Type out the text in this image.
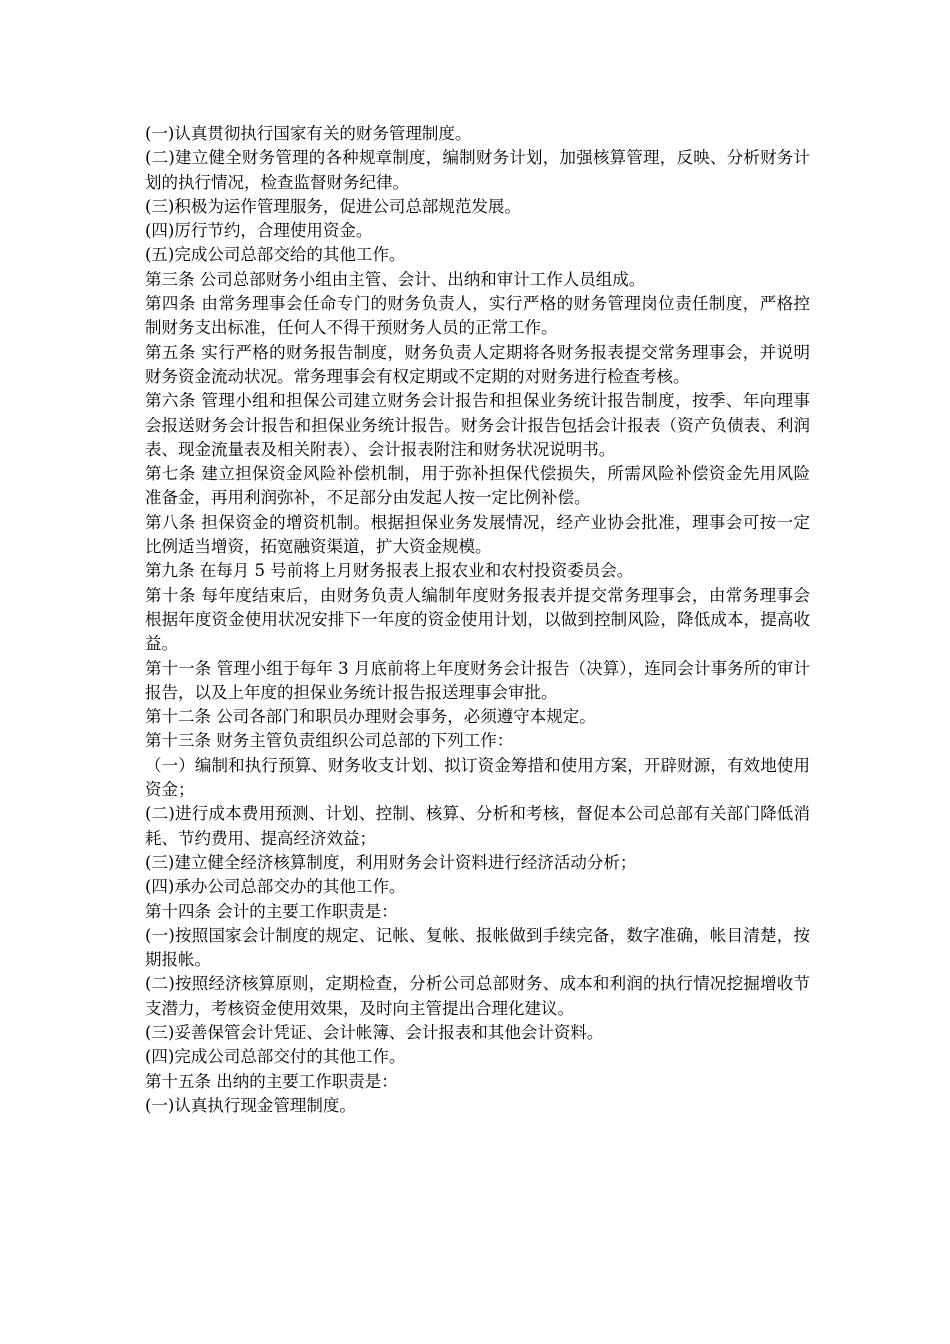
(一)认真贯彻执行国家有关的财务管理制度。

(二)建立健全财务管理的各种规章制度，编制财务计划，加强核算管理，反映、分析财务计划的执行情况，检查监督财务纪律。

(三)积极为运作管理服务，促进公司总部规范发展。

(四)厉行节约，合理使用资金。

(五)完成公司总部交给的其他工作。

第三条 公司总部财务小组由主管、会计、出纳和审计工作人员组成。

第四条 由常务理事会任命专门的财务负责人，实行严格的财务管理岗位责任制度，严格控制财务支出标准，任何人不得干预财务人员的正常工作。

第五条 实行严格的财务报告制度，财务负责人定期将各财务报表提交常务理事会，并说明财务资金流动状况。常务理事会有权定期或不定期的对财务进行检查考核。

第六条 管理小组和担保公司建立财务会计报告和担保业务统计报告制度，按季、年向理事会报送财务会计报告和担保业务统计报告。财务会计报告包括会计报表（资产负债表、利润表、现金流量表及相关附表）、会计报表附注和财务状况说明书。

第七条 建立担保资金风险补偿机制，用于弥补担保代偿损失，所需风险补偿资金先用风险准备金，再用利润弥补，不足部分由发起人按一定比例补偿。

第八条 担保资金的增资机制。根据担保业务发展情况，经产业协会批准，理事会可按一定比例适当增资，拓宽融资渠道，扩大资金规模。

第九条 在每月 5 号前将上月财务报表上报农业和农村投资委员会。

第十条 每年度结束后，由财务负责人编制年度财务报表并提交常务理事会，由常务理事会根据年度资金使用状况安排下一年度的资金使用计划，以做到控制风险，降低成本，提高收益。

第十一条 管理小组于每年 3 月底前将上年度财务会计报告（决算），连同会计事务所的审计报告，以及上年度的担保业务统计报告报送理事会审批。

第十二条 公司各部门和职员办理财会事务，必须遵守本规定。

第十三条 财务主管负责组织公司总部的下列工作：

（一）编制和执行预算、财务收支计划、拟订资金筹措和使用方案，开辟财源，有效地使用资金；

(二)进行成本费用预测、计划、控制、核算、分析和考核，督促本公司总部有关部门降低消耗、节约费用、提高经济效益；

(三)建立健全经济核算制度，利用财务会计资料进行经济活动分析；

(四)承办公司总部交办的其他工作。

第十四条 会计的主要工作职责是：

(一)按照国家会计制度的规定、记帐、复帐、报帐做到手续完备，数字准确，帐目清楚，按期报帐。

(二)按照经济核算原则，定期检查，分析公司总部财务、成本和利润的执行情况挖掘增收节支潜力，考核资金使用效果，及时向主管提出合理化建议。

(三)妥善保管会计凭证、会计帐簿、会计报表和其他会计资料。

(四)完成公司总部交付的其他工作。

第十五条 出纳的主要工作职责是：

(一)认真执行现金管理制度。
